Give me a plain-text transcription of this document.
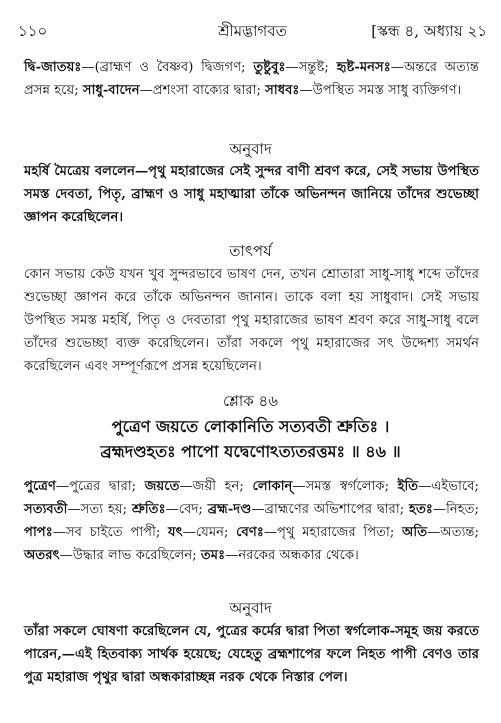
১১০	শ্রীমদ্ভাগবত	[স্কন্ধ ৪, অধ্যায় ২১

দ্বি-জাতয়ঃ—(ব্রাহ্মণ ও বৈষ্ণব) দ্বিজগণ; তুষ্টুবুঃ—সন্তুষ্ট; হৃষ্ট-মনসঃ—অন্তরে অত্যন্ত প্রসন্ন হয়ে; সাধু-বাদেন—প্রশংসা বাক্যের দ্বারা; সাধবঃ—উপস্থিত সমস্ত সাধু ব্যক্তিগণ।

অনুবাদ

মহর্ষি মৈত্রেয় বললেন—পৃথু মহারাজের সেই সুন্দর বাণী শ্রবণ করে, সেই সভায় উপস্থিত সমস্ত দেবতা, পিতৃ, ব্রাহ্মণ ও সাধু মহাত্মারা তাঁকে অভিনন্দন জানিয়ে তাঁদের শুভেচ্ছা জ্ঞাপন করেছিলেন।

তাৎপর্য

কোন সভায় কেউ যখন খুব সুন্দরভাবে ভাষণ দেন, তখন শ্রোতারা সাধু-সাধু শব্দে তাঁদের শুভেচ্ছা জ্ঞাপন করে তাঁকে অভিনন্দন জানান। তাকে বলা হয় সাধুবাদ। সেই সভায় উপস্থিত সমস্ত মহর্ষি, পিতৃ ও দেবতারা পৃথু মহারাজের ভাষণ শ্রবণ করে সাধু-সাধু বলে তাঁদের শুভেচ্ছা ব্যক্ত করেছিলেন। তাঁরা সকলে পৃথু মহারাজের সৎ উদ্দেশ্য সমর্থন করেছিলেন এবং সম্পূর্ণরূপে প্রসন্ন হয়েছিলেন।

শ্লোক ৪৬
পুত্রেণ জয়তে লোকানিতি সত্যবতী শ্রুতিঃ ।
ব্রহ্মদণ্ডহতঃ পাপো যদ্বেণোঽত্যতরত্তমঃ ॥ ৪৬ ॥

পুত্রেণ—পুত্রের দ্বারা; জয়তে—জয়ী হন; লোকান্—সমস্ত স্বর্গলোক; ইতি—এইভাবে; সত্যবতী—সত্য হয়; শ্রুতিঃ—বেদ; ব্রহ্ম-দণ্ড—ব্রাহ্মণের অভিশাপের দ্বারা; হতঃ—নিহত; পাপঃ—সব চাইতে পাপী; যৎ—যেমন; বেণঃ—পৃথু মহারাজের পিতা; অতি—অত্যন্ত; অতরৎ—উদ্ধার লাভ করেছিলেন; তমঃ—নরকের অন্ধকার থেকে।

অনুবাদ

তাঁরা সকলে ঘোষণা করেছিলেন যে, পুত্রের কর্মের দ্বারা পিতা স্বর্গলোক-সমূহ জয় করতে পারেন,—এই হিতবাক্য সার্থক হয়েছে; যেহেতু ব্রহ্মশাপের ফলে নিহত পাপী বেণও তার পুত্র মহারাজ পৃথুর দ্বারা অন্ধকারাচ্ছন্ন নরক থেকে নিস্তার পেল।
